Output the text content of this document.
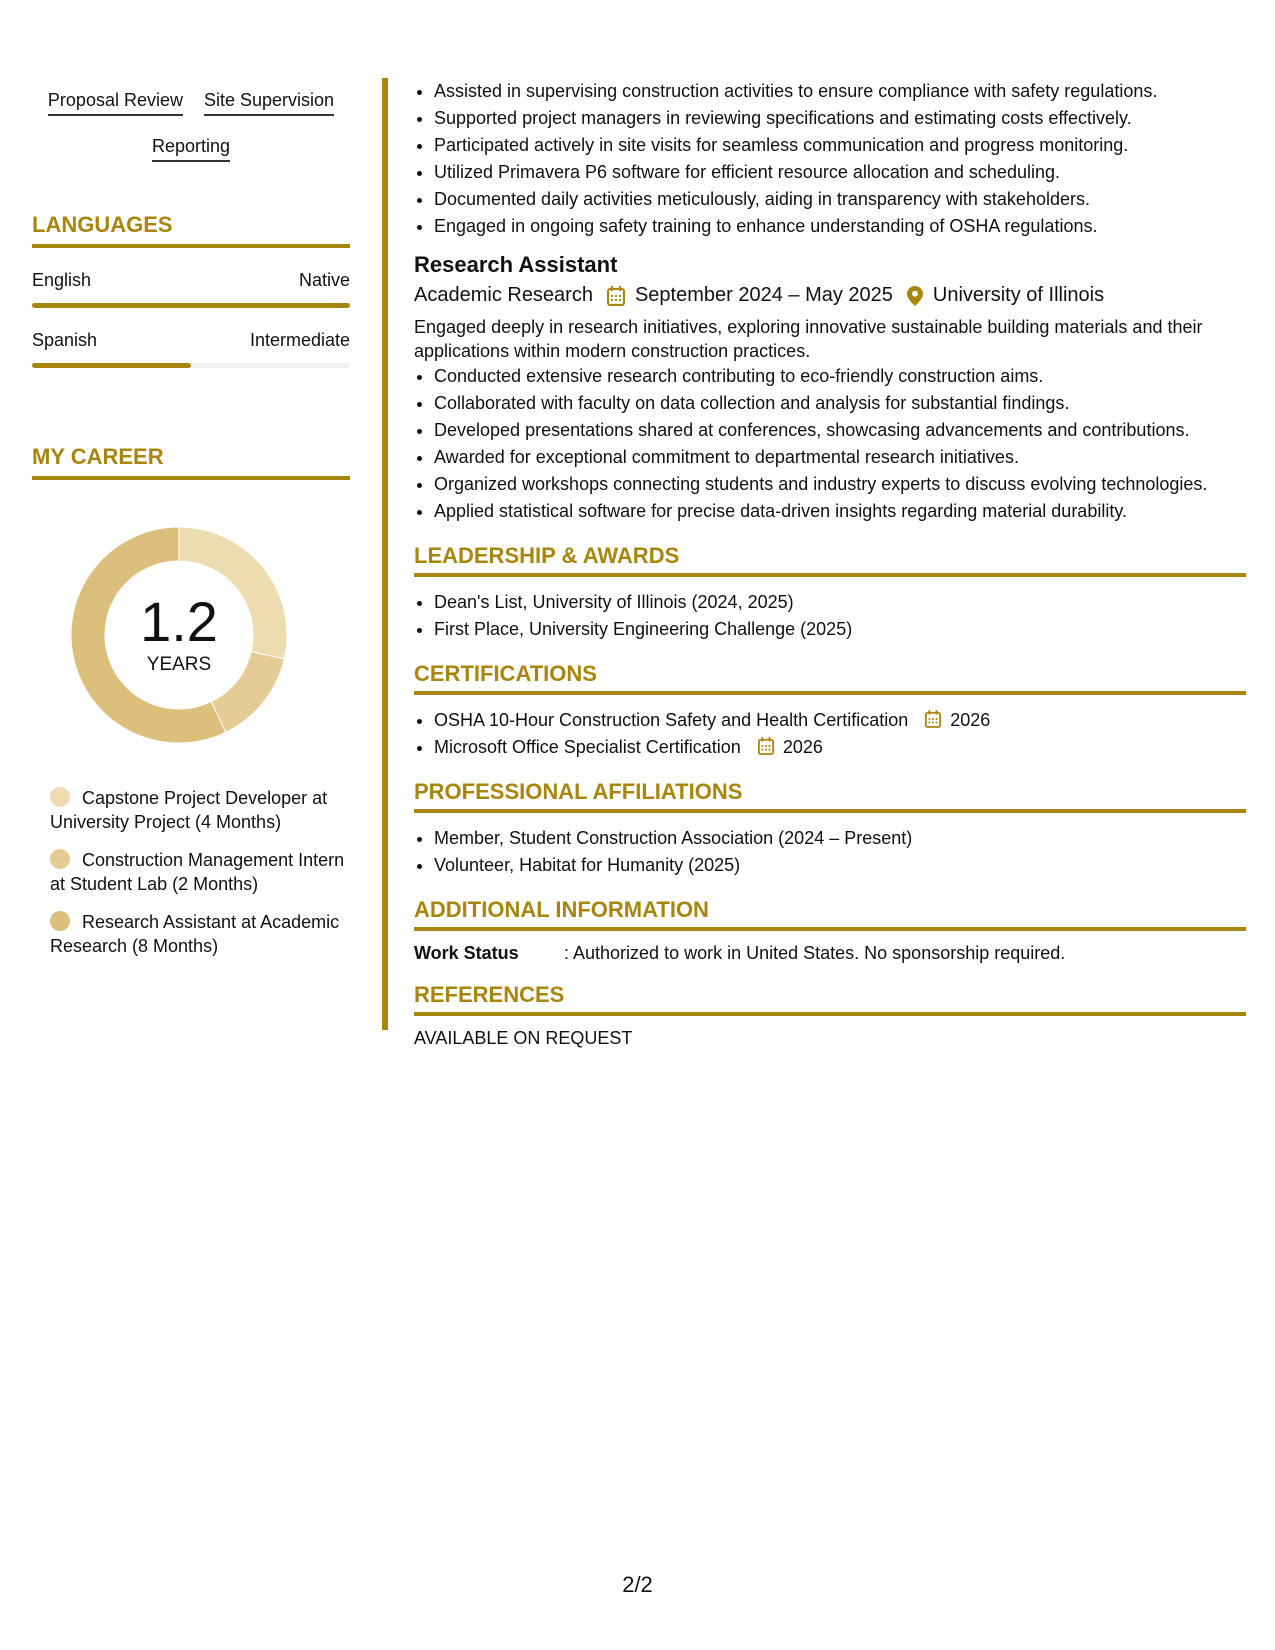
Proposal Review Site Supervision
Reporting
LANGUAGES
English	Native
Spanish	Intermediate
MY CAREER
1.2
YEARS
Capstone Project Developer at University Project (4 Months)
Construction Management Intern at Student Lab (2 Months)
Research Assistant at Academic Research (8 Months)
• Assisted in supervising construction activities to ensure compliance with safety regulations.
• Supported project managers in reviewing specifications and estimating costs effectively.
• Participated actively in site visits for seamless communication and progress monitoring.
• Utilized Primavera P6 software for efficient resource allocation and scheduling.
• Documented daily activities meticulously, aiding in transparency with stakeholders.
• Engaged in ongoing safety training to enhance understanding of OSHA regulations.
Research Assistant
Academic Research September 2024 – May 2025 University of Illinois
Engaged deeply in research initiatives, exploring innovative sustainable building materials and their applications within modern construction practices.
• Conducted extensive research contributing to eco-friendly construction aims.
• Collaborated with faculty on data collection and analysis for substantial findings.
• Developed presentations shared at conferences, showcasing advancements and contributions.
• Awarded for exceptional commitment to departmental research initiatives.
• Organized workshops connecting students and industry experts to discuss evolving technologies.
• Applied statistical software for precise data-driven insights regarding material durability.
LEADERSHIP & AWARDS
• Dean's List, University of Illinois (2024, 2025)
• First Place, University Engineering Challenge (2025)
CERTIFICATIONS
• OSHA 10-Hour Construction Safety and Health Certification 2026
• Microsoft Office Specialist Certification 2026
PROFESSIONAL AFFILIATIONS
• Member, Student Construction Association (2024 – Present)
• Volunteer, Habitat for Humanity (2025)
ADDITIONAL INFORMATION
Work Status	: Authorized to work in United States. No sponsorship required.
REFERENCES
AVAILABLE ON REQUEST
2/2
